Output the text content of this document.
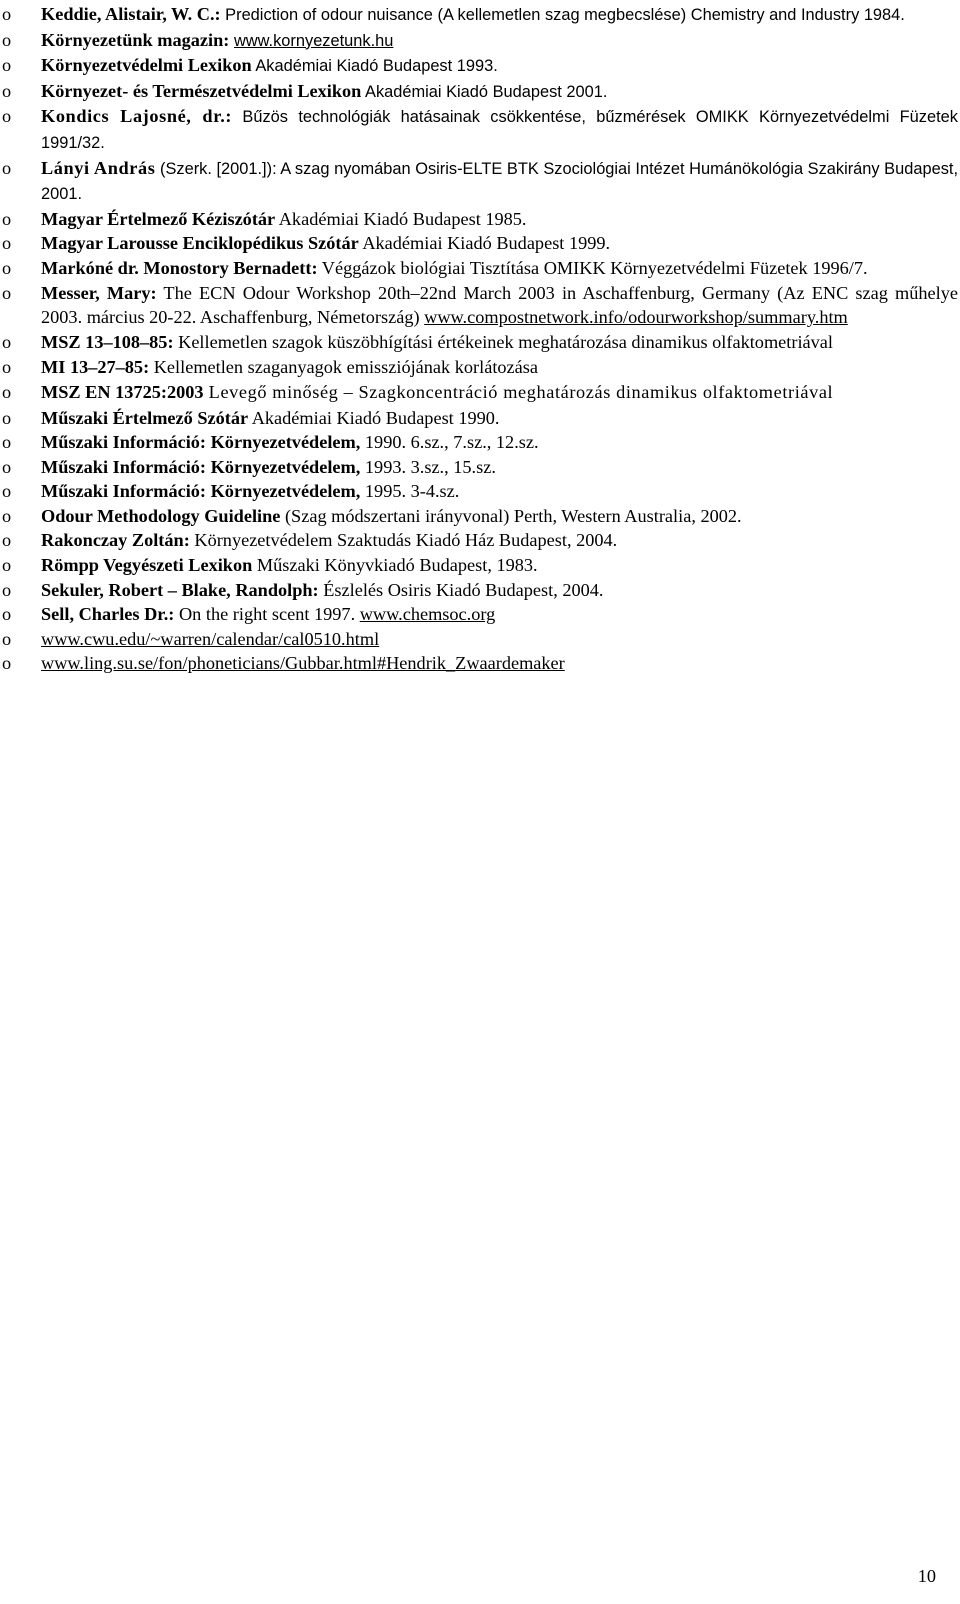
o Keddie, Alistair, W. C.: Prediction of odour nuisance (A kellemetlen szag megbecslése) Chemistry and Industry 1984.
o Környezetünk magazin: www.kornyezetunk.hu
o Környezetvédelmi Lexikon Akadémiai Kiadó Budapest 1993.
o Környezet- és Természetvédelmi Lexikon Akadémiai Kiadó Budapest 2001.
o Kondics Lajosné, dr.: Bűzös technológiák hatásainak csökkentése, bűzmérések OMIKK Környezetvédelmi Füzetek 1991/32.
o Lányi András (Szerk. [2001.]): A szag nyomában Osiris-ELTE BTK Szociológiai Intézet Humánökológia Szakirány Budapest, 2001.
o Magyar Értelmező Kéziszótár Akadémiai Kiadó Budapest 1985.
o Magyar Larousse Enciklopédikus Szótár Akadémiai Kiadó Budapest 1999.
o Markóné dr. Monostory Bernadett: Véggázok biológiai Tisztítása OMIKK Környezetvédelmi Füzetek 1996/7.
o Messer, Mary: The ECN Odour Workshop 20th–22nd March 2003 in Aschaffenburg, Germany (Az ENC szag műhelye 2003. március 20-22. Aschaffenburg, Németország) www.compostnetwork.info/odourworkshop/summary.htm
o MSZ 13–108–85: Kellemetlen szagok küszöbhígítási értékeinek meghatározása dinamikus olfaktometriával
o MI 13–27–85: Kellemetlen szaganyagok emissziójának korlátozása
o MSZ EN 13725:2003 Levegő minőség – Szagkoncentráció meghatározás dinamikus olfaktometriával
o Műszaki Értelmező Szótár Akadémiai Kiadó Budapest 1990.
o Műszaki Információ: Környezetvédelem, 1990. 6.sz., 7.sz., 12.sz.
o Műszaki Információ: Környezetvédelem, 1993. 3.sz., 15.sz.
o Műszaki Információ: Környezetvédelem, 1995. 3-4.sz.
o Odour Methodology Guideline (Szag módszertani irányvonal) Perth, Western Australia, 2002.
o Rakonczay Zoltán: Környezetvédelem Szaktudás Kiadó Ház Budapest, 2004.
o Römpp Vegyészeti Lexikon Műszaki Könyvkiadó Budapest, 1983.
o Sekuler, Robert – Blake, Randolph: Észlelés Osiris Kiadó Budapest, 2004.
o Sell, Charles Dr.: On the right scent 1997. www.chemsoc.org
o www.cwu.edu/~warren/calendar/cal0510.html
o www.ling.su.se/fon/phoneticians/Gubbar.html#Hendrik_Zwaardemaker
10
